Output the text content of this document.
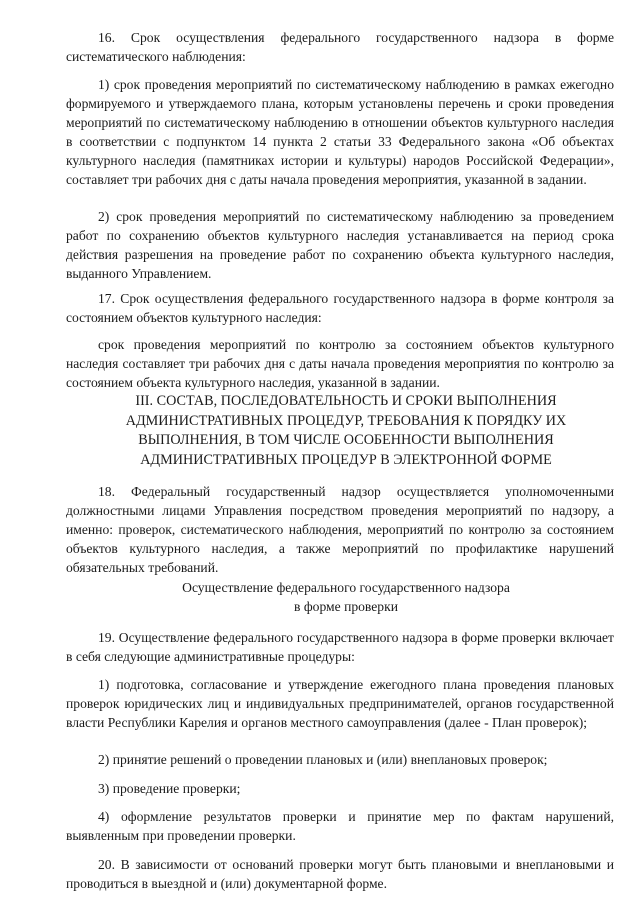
16. Срок осуществления федерального государственного надзора в форме систематического наблюдения:

1) срок проведения мероприятий по систематическому наблюдению в рамках ежегодно формируемого и утверждаемого плана, которым установлены перечень и сроки проведения мероприятий по систематическому наблюдению в отношении объектов культурного наследия в соответствии с подпунктом 14 пункта 2 статьи 33 Федерального закона «Об объектах культурного наследия (памятниках истории и культуры) народов Российской Федерации», составляет три рабочих дня с даты начала проведения мероприятия, указанной в задании.

2) срок проведения мероприятий по систематическому наблюдению за проведением работ по сохранению объектов культурного наследия устанавливается на период срока действия разрешения на проведение работ по сохранению объекта культурного наследия, выданного Управлением.

17. Срок осуществления федерального государственного надзора в форме контроля за состоянием объектов культурного наследия:

срок проведения мероприятий по контролю за состоянием объектов культурного наследия составляет три рабочих дня с даты начала проведения мероприятия по контролю за состоянием объекта культурного наследия, указанной в задании.

III. СОСТАВ, ПОСЛЕДОВАТЕЛЬНОСТЬ И СРОКИ ВЫПОЛНЕНИЯ АДМИНИСТРАТИВНЫХ ПРОЦЕДУР, ТРЕБОВАНИЯ К ПОРЯДКУ ИХ ВЫПОЛНЕНИЯ, В ТОМ ЧИСЛЕ ОСОБЕННОСТИ ВЫПОЛНЕНИЯ АДМИНИСТРАТИВНЫХ ПРОЦЕДУР В ЭЛЕКТРОННОЙ ФОРМЕ

18. Федеральный государственный надзор осуществляется уполномоченными должностными лицами Управления посредством проведения мероприятий по надзору, а именно: проверок, систематического наблюдения, мероприятий по контролю за состоянием объектов культурного наследия, а также мероприятий по профилактике нарушений обязательных требований.

Осуществление федерального государственного надзора
в форме проверки

19. Осуществление федерального государственного надзора в форме проверки включает в себя следующие административные процедуры:

1) подготовка, согласование и утверждение ежегодного плана проведения плановых проверок юридических лиц и индивидуальных предпринимателей, органов государственной власти Республики Карелия и органов местного самоуправления (далее - План проверок);

2) принятие решений о проведении плановых и (или) внеплановых проверок;

3) проведение проверки;

4) оформление результатов проверки и принятие мер по фактам нарушений, выявленным при проведении проверки.

20. В зависимости от оснований проверки могут быть плановыми и внеплановыми и проводиться в выездной и (или) документарной форме.
